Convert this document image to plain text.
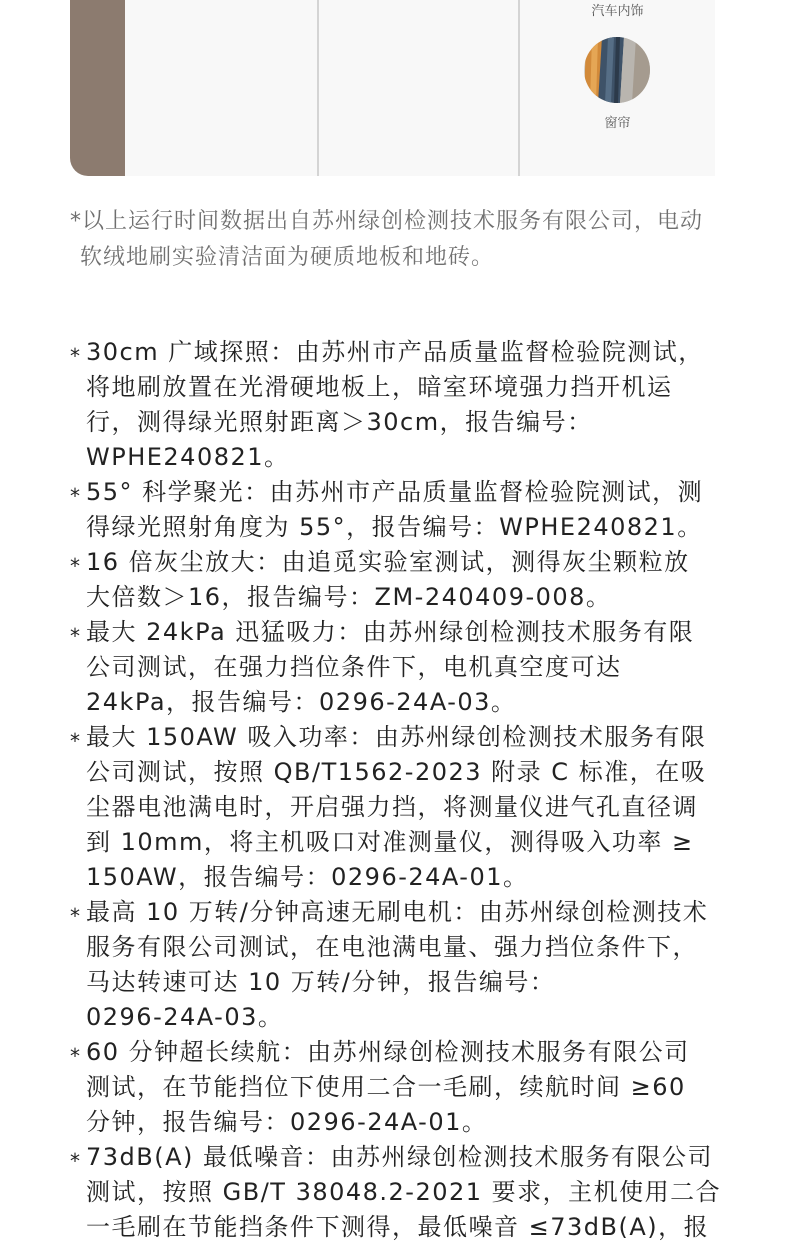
汽车内饰
窗帘
*以上运行时间数据出自苏州绿创检测技术服务有限公司，电动
软绒地刷实验清洁面为硬质地板和地砖。
* 30cm 广域探照：由苏州市产品质量监督检验院测试，
将地刷放置在光滑硬地板上，暗室环境强力挡开机运
行，测得绿光照射距离＞30cm，报告编号：
WPHE240821。
* 55° 科学聚光：由苏州市产品质量监督检验院测试，测
得绿光照射角度为 55°，报告编号：WPHE240821。
* 16 倍灰尘放大：由追觅实验室测试，测得灰尘颗粒放
大倍数＞16，报告编号：ZM-240409-008。
* 最大 24kPa 迅猛吸力：由苏州绿创检测技术服务有限
公司测试，在强力挡位条件下，电机真空度可达
24kPa，报告编号：0296-24A-03。
* 最大 150AW 吸入功率：由苏州绿创检测技术服务有限
公司测试，按照 QB/T1562-2023 附录 C 标准，在吸
尘器电池满电时，开启强力挡，将测量仪进气孔直径调
到 10mm，将主机吸口对准测量仪，测得吸入功率 ≥
150AW，报告编号：0296-24A-01。
* 最高 10 万转/分钟高速无刷电机：由苏州绿创检测技术
服务有限公司测试，在电池满电量、强力挡位条件下，
马达转速可达 10 万转/分钟，报告编号：
0296-24A-03。
* 60 分钟超长续航：由苏州绿创检测技术服务有限公司
测试，在节能挡位下使用二合一毛刷，续航时间 ≥60
分钟，报告编号：0296-24A-01。
* 73dB(A) 最低噪音：由苏州绿创检测技术服务有限公司
测试，按照 GB/T 38048.2-2021 要求，主机使用二合
一毛刷在节能挡条件下测得，最低噪音 ≤73dB(A)，报
